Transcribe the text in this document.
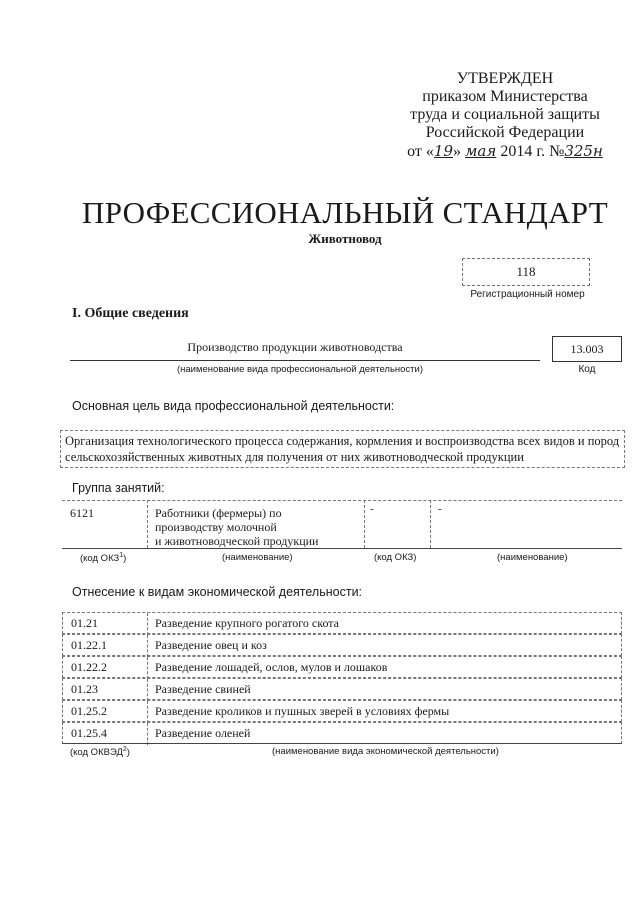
УТВЕРЖДЕН
приказом Министерства
труда и социальной защиты
Российской Федерации
от «19» мая 2014 г. №325н
ПРОФЕССИОНАЛЬНЫЙ СТАНДАРТ
Животновод
118
Регистрационный номер
I. Общие сведения
Производство продукции животноводства
(наименование вида профессиональной деятельности)
13.003
Код
Основная цель вида профессиональной деятельности:
Организация технологического процесса содержания, кормления и воспроизводства всех видов и пород сельскохозяйственных животных для получения от них животноводческой продукции
Группа занятий:
6121	Работники (фермеры) по
производству молочной
и животноводческой продукции
-	-
(код ОКЗ$^1$)	(наименование)	(код ОКЗ)	(наименование)
Отнесение к видам экономической деятельности:
01.21	Разведение крупного рогатого скота
01.22.1	Разведение овец и коз
01.22.2	Разведение лошадей, ослов, мулов и лошаков
01.23	Разведение свиней
01.25.2	Разведение кроликов и пушных зверей в условиях фермы
01.25.4	Разведение оленей
(код ОКВЭД$^2$)	(наименование вида экономической деятельности)
